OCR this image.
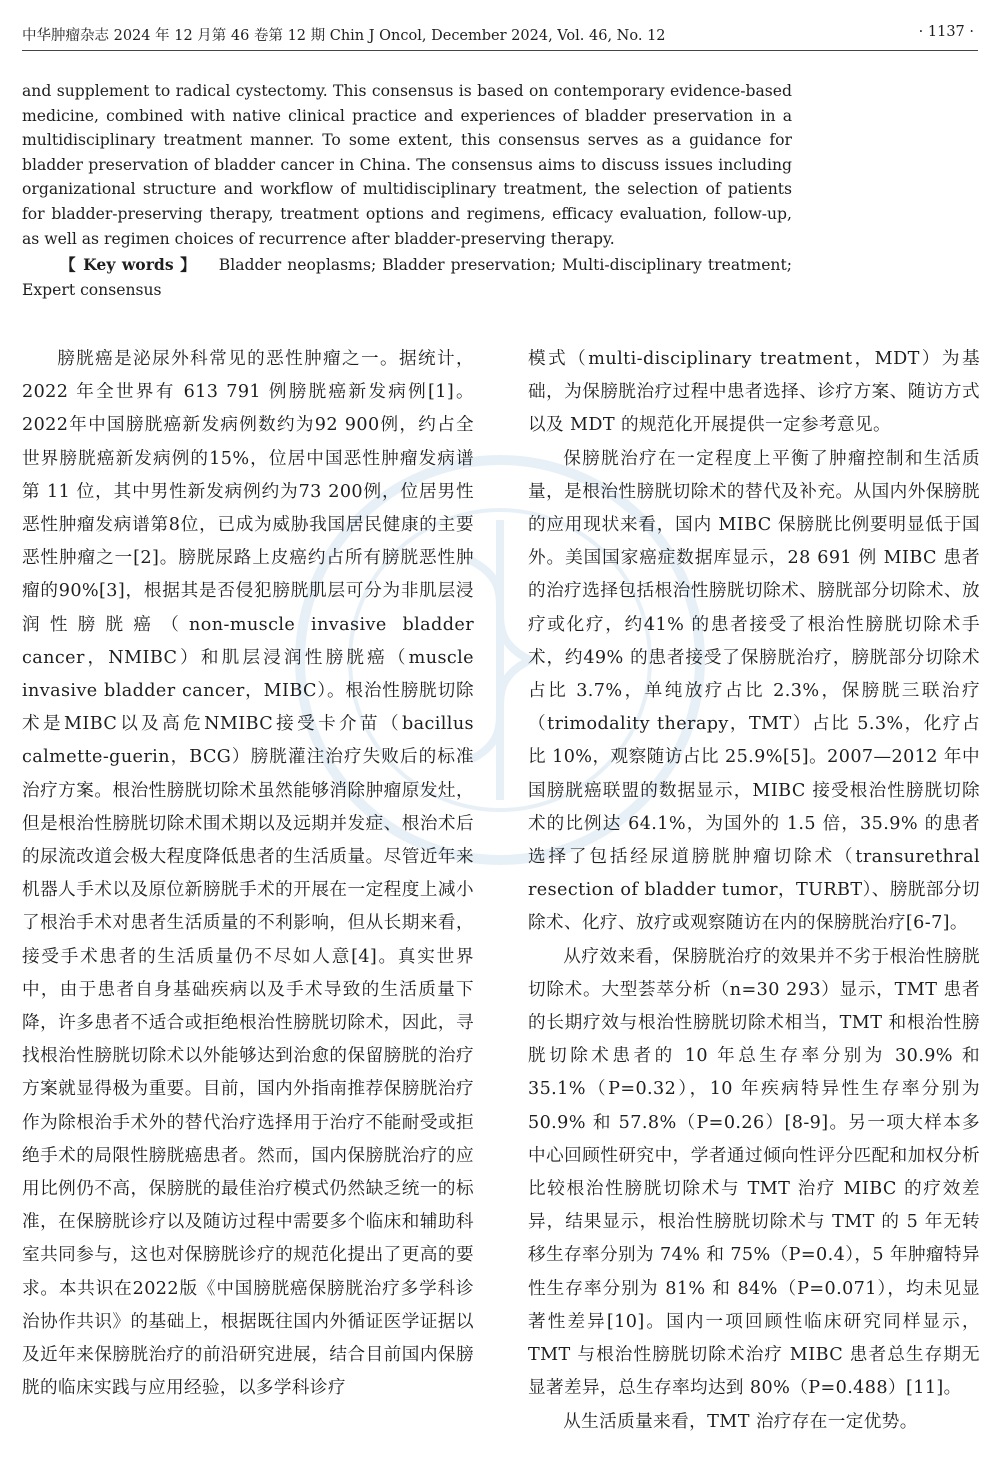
中华肿瘤杂志 2024 年 12 月第 46 卷第 12 期 Chin J Oncol, December 2024, Vol. 46, No. 12	· 1137 ·

and supplement to radical cystectomy. This consensus is based on contemporary evidence-based medicine, combined with native clinical practice and experiences of bladder preservation in a multidisciplinary treatment manner. To some extent, this consensus serves as a guidance for bladder preservation of bladder cancer in China. The consensus aims to discuss issues including organizational structure and workflow of multidisciplinary treatment, the selection of patients for bladder-preserving therapy, treatment options and regimens, efficacy evaluation, follow-up, as well as regimen choices of recurrence after bladder-preserving therapy.

【 Key words 】 Bladder neoplasms; Bladder preservation; Multi-disciplinary treatment; Expert consensus

膀胱癌是泌尿外科常见的恶性肿瘤之一。据统计，2022 年全世界有 613 791 例膀胱癌新发病例[1]。2022年中国膀胱癌新发病例数约为92 900例，约占全世界膀胱癌新发病例的15%，位居中国恶性肿瘤发病谱第 11 位，其中男性新发病例约为73 200例，位居男性恶性肿瘤发病谱第8位，已成为威胁我国居民健康的主要恶性肿瘤之一[2]。膀胱尿路上皮癌约占所有膀胱恶性肿瘤的90%[3]，根据其是否侵犯膀胱肌层可分为非肌层浸润性膀胱癌（non-muscle invasive bladder cancer，NMIBC）和肌层浸润性膀胱癌（muscle invasive bladder cancer，MIBC）。根治性膀胱切除术是MIBC以及高危NMIBC接受卡介苗（bacillus calmette-guerin，BCG）膀胱灌注治疗失败后的标准治疗方案。根治性膀胱切除术虽然能够消除肿瘤原发灶，但是根治性膀胱切除术围术期以及远期并发症、根治术后的尿流改道会极大程度降低患者的生活质量。尽管近年来机器人手术以及原位新膀胱手术的开展在一定程度上减小了根治手术对患者生活质量的不利影响，但从长期来看，接受手术患者的生活质量仍不尽如人意[4]。真实世界中，由于患者自身基础疾病以及手术导致的生活质量下降，许多患者不适合或拒绝根治性膀胱切除术，因此，寻找根治性膀胱切除术以外能够达到治愈的保留膀胱的治疗方案就显得极为重要。目前，国内外指南推荐保膀胱治疗作为除根治手术外的替代治疗选择用于治疗不能耐受或拒绝手术的局限性膀胱癌患者。然而，国内保膀胱治疗的应用比例仍不高，保膀胱的最佳治疗模式仍然缺乏统一的标准，在保膀胱诊疗以及随访过程中需要多个临床和辅助科室共同参与，这也对保膀胱诊疗的规范化提出了更高的要求。本共识在2022版《中国膀胱癌保膀胱治疗多学科诊治协作共识》的基础上，根据既往国内外循证医学证据以及近年来保膀胱治疗的前沿研究进展，结合目前国内保膀胱的临床实践与应用经验，以多学科诊疗

模式（multi-disciplinary treatment，MDT）为基础，为保膀胱治疗过程中患者选择、诊疗方案、随访方式以及 MDT 的规范化开展提供一定参考意见。

保膀胱治疗在一定程度上平衡了肿瘤控制和生活质量，是根治性膀胱切除术的替代及补充。从国内外保膀胱的应用现状来看，国内 MIBC 保膀胱比例要明显低于国外。美国国家癌症数据库显示，28 691 例 MIBC 患者的治疗选择包括根治性膀胱切除术、膀胱部分切除术、放疗或化疗，约41% 的患者接受了根治性膀胱切除术手术，约49% 的患者接受了保膀胱治疗，膀胱部分切除术占比 3.7%，单纯放疗占比 2.3%，保膀胱三联治疗（trimodality therapy，TMT）占比 5.3%，化疗占比 10%，观察随访占比 25.9%[5]。2007—2012 年中国膀胱癌联盟的数据显示，MIBC 接受根治性膀胱切除术的比例达 64.1%，为国外的 1.5 倍，35.9% 的患者选择了包括经尿道膀胱肿瘤切除术（transurethral resection of bladder tumor，TURBT）、膀胱部分切除术、化疗、放疗或观察随访在内的保膀胱治疗[6-7]。

从疗效来看，保膀胱治疗的效果并不劣于根治性膀胱切除术。大型荟萃分析（n=30 293）显示，TMT 患者的长期疗效与根治性膀胱切除术相当，TMT 和根治性膀胱切除术患者的 10 年总生存率分别为 30.9% 和 35.1%（P=0.32），10 年疾病特异性生存率分别为 50.9% 和 57.8%（P=0.26）[8-9]。另一项大样本多中心回顾性研究中，学者通过倾向性评分匹配和加权分析比较根治性膀胱切除术与 TMT 治疗 MIBC 的疗效差异，结果显示，根治性膀胱切除术与 TMT 的 5 年无转移生存率分别为 74% 和 75%（P=0.4），5 年肿瘤特异性生存率分别为 81% 和 84%（P=0.071），均未见显著性差异[10]。国内一项回顾性临床研究同样显示，TMT 与根治性膀胱切除术治疗 MIBC 患者总生存期无显著差异，总生存率均达到 80%（P=0.488）[11]。

从生活质量来看，TMT 治疗存在一定优势。
